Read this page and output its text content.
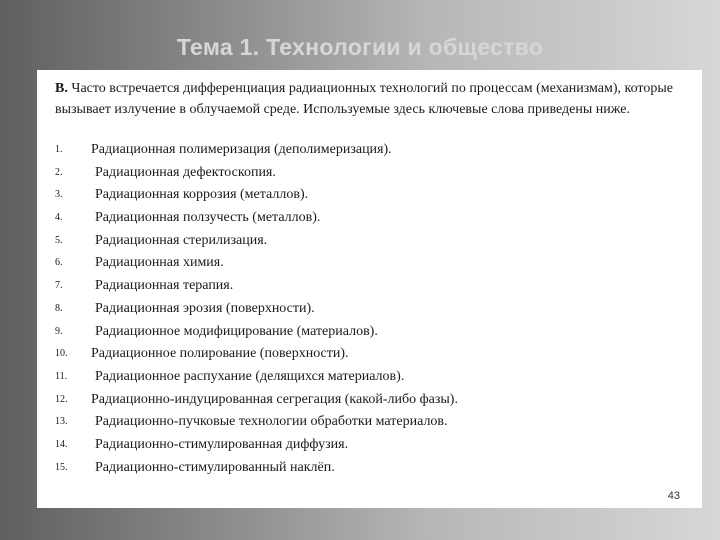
Тема 1. Технологии и общество

В. Часто встречается дифференциация радиационных технологий по процессам (механизмам), которые вызывает излучение в облучаемой среде. Используемые здесь ключевые слова приведены ниже.

1.	Радиационная полимеризация (деполимеризация).
2.	Радиационная дефектоскопия.
3.	Радиационная коррозия (металлов).
4.	Радиационная ползучесть (металлов).
5.	Радиационная стерилизация.
6.	Радиационная химия.
7.	Радиационная терапия.
8.	Радиационная эрозия (поверхности).
9.	Радиационное модифицирование (материалов).
10.	Радиационное полирование (поверхности).
11.	Радиационное распухание (делящихся материалов).
12.	Радиационно-индуцированная сегрегация (какой-либо фазы).
13.	Радиационно-пучковые технологии обработки материалов.
14.	Радиационно-стимулированная диффузия.
15.	Радиационно-стимулированный наклёп.
43
